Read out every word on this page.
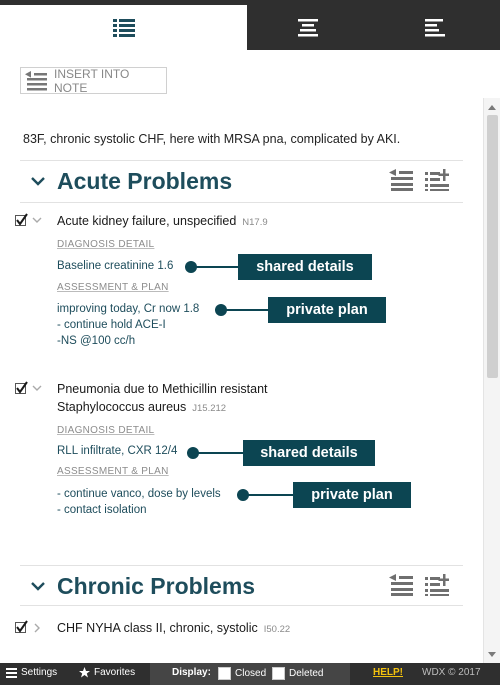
INSERT INTO NOTE
83F, chronic systolic CHF, here with MRSA pna, complicated by AKI.
Acute Problems
Acute kidney failure, unspecified N17.9
DIAGNOSIS DETAIL
Baseline creatinine 1.6
ASSESSMENT & PLAN
improving today, Cr now 1.8
- continue hold ACE-I
-NS @100 cc/h
Pneumonia due to Methicillin resistant
Staphylococcus aureus J15.212
DIAGNOSIS DETAIL
RLL infiltrate, CXR 12/4
ASSESSMENT & PLAN
- continue vanco, dose by levels
- contact isolation
Chronic Problems
CHF NYHA class II, chronic, systolic I50.22
shared details
private plan
shared details
private plan
Settings	Favorites	Display: Closed Deleted	HELP! WDX © 2017
